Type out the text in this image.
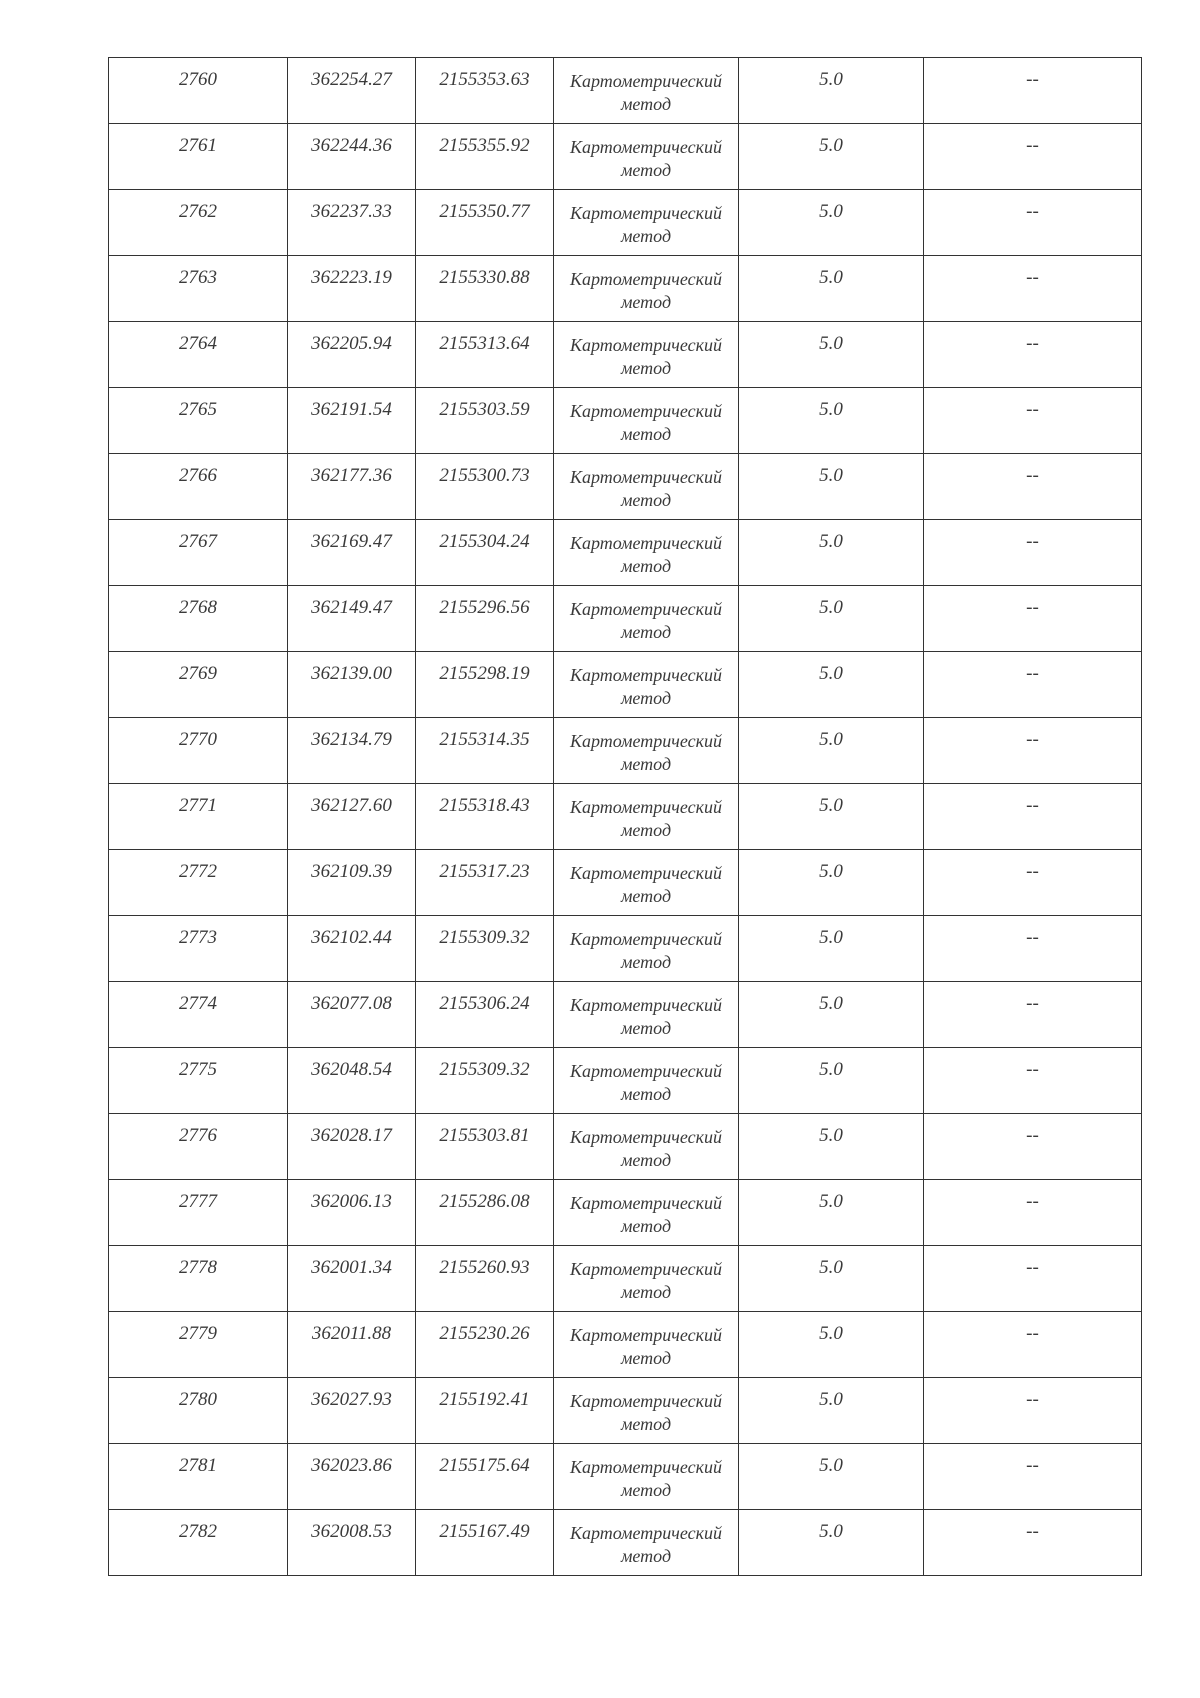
2760	362254.27	2155353.63	Картометрический метод	5.0	--
2761	362244.36	2155355.92	Картометрический метод	5.0	--
2762	362237.33	2155350.77	Картометрический метод	5.0	--
2763	362223.19	2155330.88	Картометрический метод	5.0	--
2764	362205.94	2155313.64	Картометрический метод	5.0	--
2765	362191.54	2155303.59	Картометрический метод	5.0	--
2766	362177.36	2155300.73	Картометрический метод	5.0	--
2767	362169.47	2155304.24	Картометрический метод	5.0	--
2768	362149.47	2155296.56	Картометрический метод	5.0	--
2769	362139.00	2155298.19	Картометрический метод	5.0	--
2770	362134.79	2155314.35	Картометрический метод	5.0	--
2771	362127.60	2155318.43	Картометрический метод	5.0	--
2772	362109.39	2155317.23	Картометрический метод	5.0	--
2773	362102.44	2155309.32	Картометрический метод	5.0	--
2774	362077.08	2155306.24	Картометрический метод	5.0	--
2775	362048.54	2155309.32	Картометрический метод	5.0	--
2776	362028.17	2155303.81	Картометрический метод	5.0	--
2777	362006.13	2155286.08	Картометрический метод	5.0	--
2778	362001.34	2155260.93	Картометрический метод	5.0	--
2779	362011.88	2155230.26	Картометрический метод	5.0	--
2780	362027.93	2155192.41	Картометрический метод	5.0	--
2781	362023.86	2155175.64	Картометрический метод	5.0	--
2782	362008.53	2155167.49	Картометрический метод	5.0	--
